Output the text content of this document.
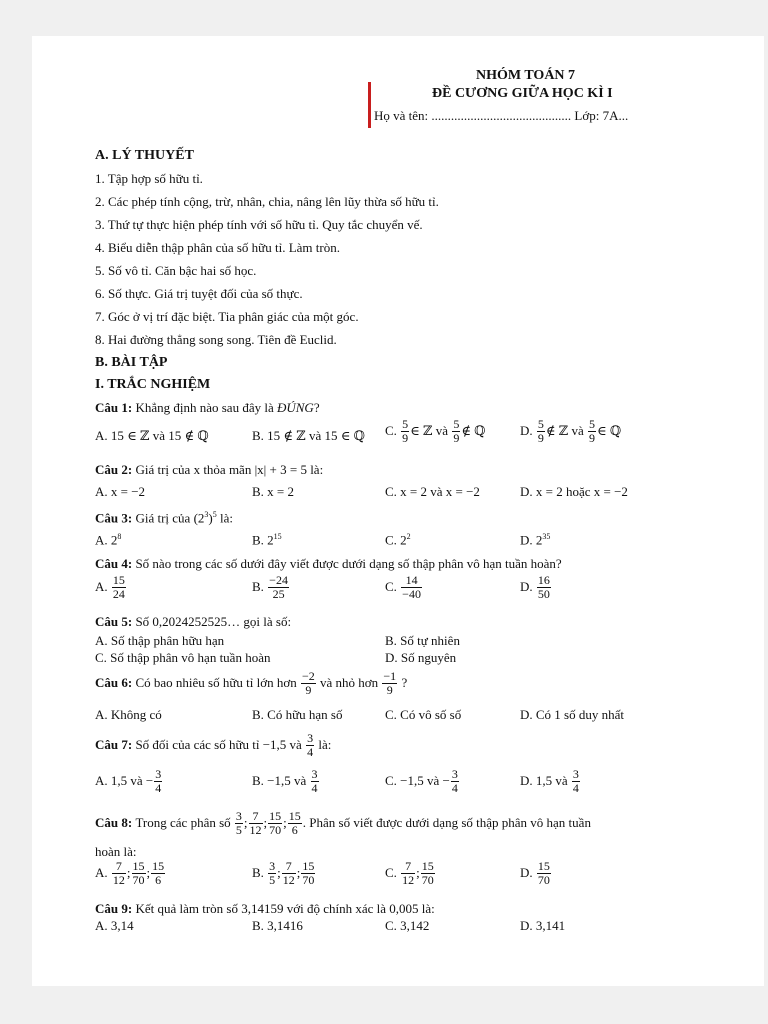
NHÓM TOÁN 7
ĐỀ CƯƠNG GIỮA HỌC KÌ I
Họ và tên: ........................................... Lớp: 7A...
A. LÝ THUYẾT
1. Tập hợp số hữu tỉ.
2. Các phép tính cộng, trừ, nhân, chia, nâng lên lũy thừa số hữu tỉ.
3. Thứ tự thực hiện phép tính với số hữu tỉ. Quy tắc chuyển vế.
4. Biểu diễn thập phân của số hữu tỉ. Làm tròn.
5. Số vô tỉ. Căn bậc hai số học.
6. Số thực. Giá trị tuyệt đối của số thực.
7. Góc ở vị trí đặc biệt. Tia phân giác của một góc.
8. Hai đường thẳng song song. Tiên đề Euclid.
B. BÀI TẬP
I. TRẮC NGHIỆM
Câu 1: Khẳng định nào sau đây là ĐÚNG?
A. 15 ∈ ℤ và 15 ∉ ℚ	B. 15 ∉ ℤ và 15 ∈ ℚ C.
5
9 ∈ ℤ và
5
9 ∉ ℚ	D.
5
9 ∉ ℤ và
5
9 ∈ ℚ
Câu 2: Giá trị của x thỏa mãn |x| + 3 = 5 là:
A. x = −2	B. x = 2	C. x = 2 và x = −2	D. x = 2 hoặc x = −2
Câu 3: Giá trị của $(2^3)^5$ là:
A. $2^8$	B. $2^{15}$	C. $2^2$	D. $2^{35}$
Câu 4: Số nào trong các số dưới đây viết được dưới dạng số thập phân vô hạn tuần hoàn?
A.
15
24	B.
−24
25	C.
14
−40	D.
16
50
Câu 5: Số 0,2024252525… gọi là số:
A. Số thập phân hữu hạn	B. Số tự nhiên
C. Số thập phân vô hạn tuần hoàn	D. Số nguyên
Câu 6:
Có bao nhiêu số hữu tỉ lớn hơn
−2
9
và nhỏ hơn
−1
9
?
A. Không có	B. Có hữu hạn số	C. Có vô số số	D. Có 1 số duy nhất
Câu 7:
Số đối của các số hữu tỉ −1,5 và
3
4
là:
A. 1,5 và − $\frac{3}{4}$	B. −1,5 và
3
4	C. −1,5 và − $\frac{3}{4}$	D. 1,5 và
3
4
Câu 8:
Trong các phân số
3
5 ; 7
12 ; 15
70 ; 15
6 . Phân số viết được dưới dạng số thập phân vô hạn tuần
hoàn là:
A.
7
12 ; 15
70 ; 15
6	B.
3
5 ; 7
12 ; 15
70	C.
7
12 ; 15
70	D.
15
70
Câu 9: Kết quả làm tròn số 3,14159 với độ chính xác là 0,005 là:
A. 3,14	B. 3,1416	C. 3,142	D. 3,141
